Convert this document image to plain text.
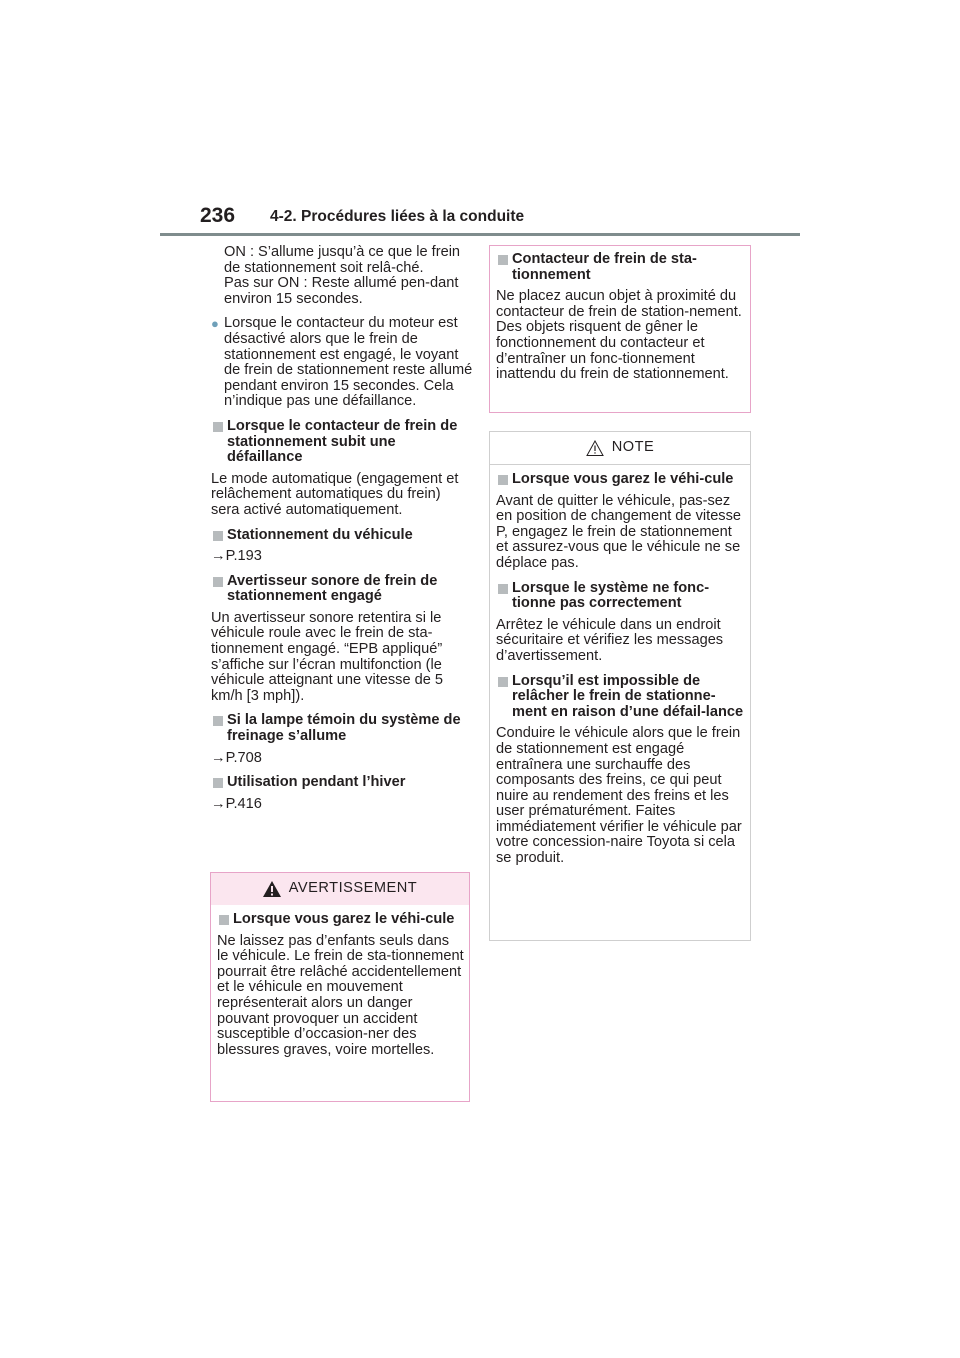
236 4-2. Procédures liées à la conduite
ON : S’allume jusqu’à ce que le frein de stationnement soit relâ-ché.

Pas sur ON : Reste allumé pen-dant environ 15 secondes.

● Lorsque le contacteur du moteur est désactivé alors que le frein de stationnement est engagé, le voyant de frein de stationnement reste allumé pendant environ 15 secondes. Cela n’indique pas une défaillance.
Lorsque le contacteur de frein de stationnement subit une défaillance

Le mode automatique (engagement et relâchement automatiques du frein) sera activé automatiquement.

Stationnement du véhicule
→P.193
Avertisseur sonore de frein de stationnement engagé

Un avertisseur sonore retentira si le véhicule roule avec le frein de sta-tionnement engagé. “EPB appliqué” s’affiche sur l’écran multifonction (le véhicule atteignant une vitesse de 5 km/h [3 mph]).

Si la lampe témoin du système de freinage s’allume
→P.708
Utilisation pendant l’hiver
→P.416
AVERTISSEMENT
Lorsque vous garez le véhi-cule

Ne laissez pas d’enfants seuls dans le véhicule. Le frein de sta-tionnement pourrait être relâché accidentellement et le véhicule en mouvement représenterait alors un danger pouvant provoquer un accident susceptible d’occasion-ner des blessures graves, voire mortelles.

Contacteur de frein de sta-tionnement

Ne placez aucun objet à proximité du contacteur de frein de station-nement. Des objets risquent de gêner le fonctionnement du contacteur et d’entraîner un fonc-tionnement inattendu du frein de stationnement.

NOTE
Lorsque vous garez le véhi-cule

Avant de quitter le véhicule, pas-sez en position de changement de vitesse P, engagez le frein de stationnement et assurez-vous que le véhicule ne se déplace pas.

Lorsque le système ne fonc-tionne pas correctement

Arrêtez le véhicule dans un endroit sécuritaire et vérifiez les messages d’avertissement.

Lorsqu’il est impossible de relâcher le frein de stationne-ment en raison d’une défail-lance

Conduire le véhicule alors que le frein de stationnement est engagé entraînera une surchauffe des composants des freins, ce qui peut nuire au rendement des freins et les user prématurément. Faites immédiatement vérifier le véhicule par votre concession-naire Toyota si cela se produit.
